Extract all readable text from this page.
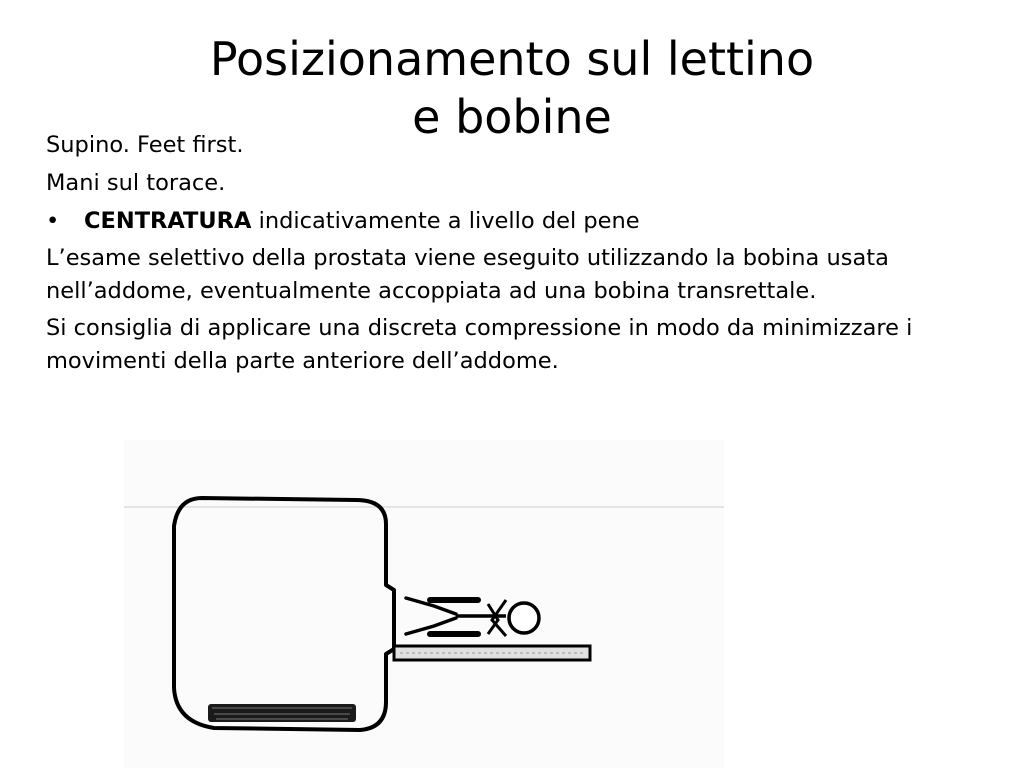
Posizionamento sul lettino
e bobine

Supino. Feet first.

Mani sul torace.

•	CENTRATURA indicativamente a livello del pene

L’esame selettivo della prostata viene eseguito utilizzando la bobina usata nell’addome, eventualmente accoppiata ad una bobina transrettale.

Si consiglia di applicare una discreta compressione in modo da minimizzare i movimenti della parte anteriore dell’addome.
